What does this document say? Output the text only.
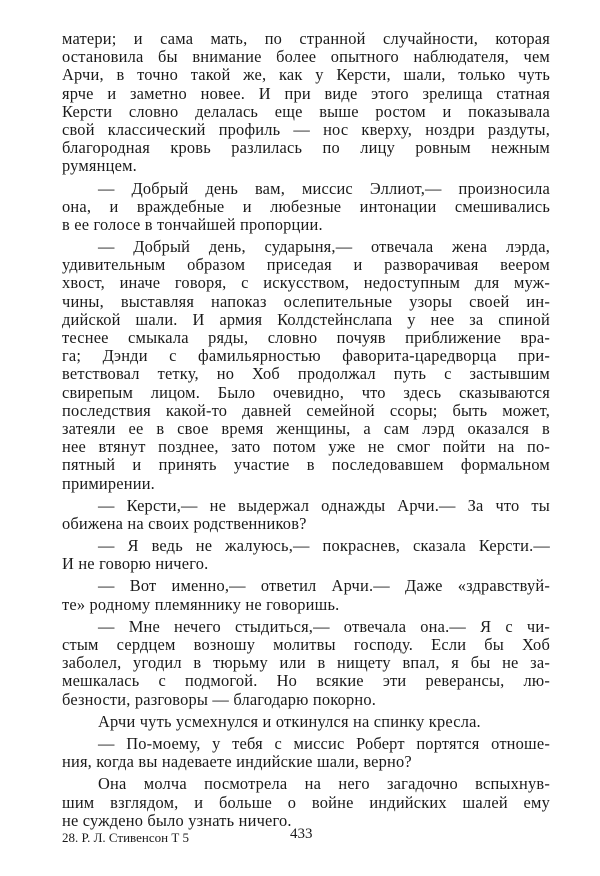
матери; и сама мать, по странной случайности, которая
остановила бы внимание более опытного наблюдателя, чем
Арчи, в точно такой же, как у Керсти, шали, только чуть
ярче и заметно новее. И при виде этого зрелища статная
Керсти словно делалась еще выше ростом и показывала
свой классический профиль — нос кверху, ноздри раздуты,
благородная кровь разлилась по лицу ровным нежным
румянцем.
— Добрый день вам, миссис Эллиот,— произносила
она, и враждебные и любезные интонации смешивались
в ее голосе в тончайшей пропорции.
— Добрый день, сударыня,— отвечала жена лэрда,
удивительным образом приседая и разворачивая веером
хвост, иначе говоря, с искусством, недоступным для муж-
чины, выставляя напоказ ослепительные узоры своей ин-
дийской шали. И армия Колдстейнслапа у нее за спиной
теснее смыкала ряды, словно почуяв приближение вра-
га; Дэнди с фамильярностью фаворита-царедворца при-
ветствовал тетку, но Хоб продолжал путь с застывшим
свирепым лицом. Было очевидно, что здесь сказываются
последствия какой-то давней семейной ссоры; быть может,
затеяли ее в свое время женщины, а сам лэрд оказался в
нее втянут позднее, зато потом уже не смог пойти на по-
пятный и принять участие в последовавшем формальном
примирении.
— Керсти,— не выдержал однажды Арчи.— За что ты
обижена на своих родственников?
— Я ведь не жалуюсь,— покраснев, сказала Керсти.—
И не говорю ничего.
— Вот именно,— ответил Арчи.— Даже «здравствуй-
те» родному племяннику не говоришь.
— Мне нечего стыдиться,— отвечала она.— Я с чи-
стым сердцем возношу молитвы господу. Если бы Хоб
заболел, угодил в тюрьму или в нищету впал, я бы не за-
мешкалась с подмогой. Но всякие эти реверансы, лю-
безности, разговоры — благодарю покорно.
Арчи чуть усмехнулся и откинулся на спинку кресла.
— По-моему, у тебя с миссис Роберт портятся отноше-
ния, когда вы надеваете индийские шали, верно?
Она молча посмотрела на него загадочно вспыхнув-
шим взглядом, и больше о войне индийских шалей ему
не суждено было узнать ничего.
28. Р. Л. Стивенсон Т 5	433
